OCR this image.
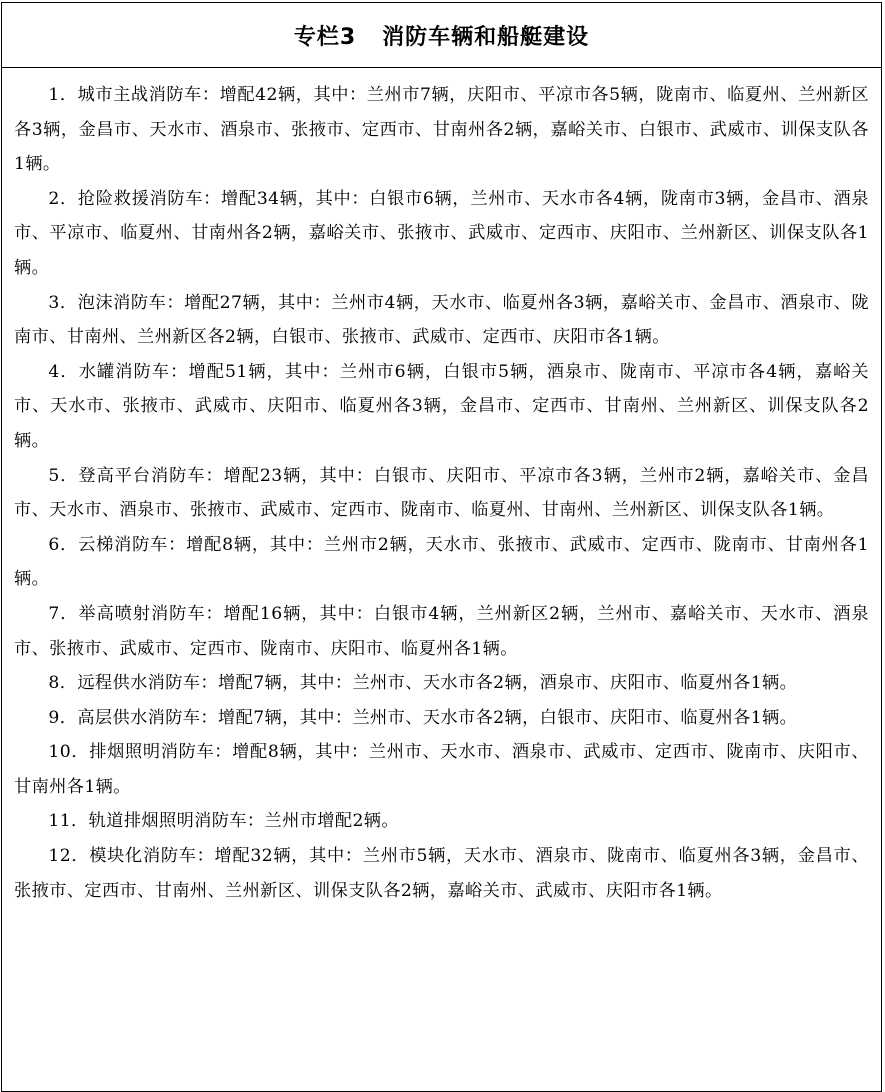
专栏3 消防车辆和船艇建设

1．城市主战消防车：增配42辆，其中：兰州市7辆，庆阳市、平凉市各5辆，陇南市、临夏州、兰州新区各3辆，金昌市、天水市、酒泉市、张掖市、定西市、甘南州各2辆，嘉峪关市、白银市、武威市、训保支队各1辆。

2．抢险救援消防车：增配34辆，其中：白银市6辆，兰州市、天水市各4辆，陇南市3辆，金昌市、酒泉市、平凉市、临夏州、甘南州各2辆，嘉峪关市、张掖市、武威市、定西市、庆阳市、兰州新区、训保支队各1辆。

3．泡沫消防车：增配27辆，其中：兰州市4辆，天水市、临夏州各3辆，嘉峪关市、金昌市、酒泉市、陇南市、甘南州、兰州新区各2辆，白银市、张掖市、武威市、定西市、庆阳市各1辆。

4．水罐消防车：增配51辆，其中：兰州市6辆，白银市5辆，酒泉市、陇南市、平凉市各4辆，嘉峪关市、天水市、张掖市、武威市、庆阳市、临夏州各3辆，金昌市、定西市、甘南州、兰州新区、训保支队各2辆。

5．登高平台消防车：增配23辆，其中：白银市、庆阳市、平凉市各3辆，兰州市2辆，嘉峪关市、金昌市、天水市、酒泉市、张掖市、武威市、定西市、陇南市、临夏州、甘南州、兰州新区、训保支队各1辆。

6．云梯消防车：增配8辆，其中：兰州市2辆，天水市、张掖市、武威市、定西市、陇南市、甘南州各1辆。

7．举高喷射消防车：增配16辆，其中：白银市4辆，兰州新区2辆，兰州市、嘉峪关市、天水市、酒泉市、张掖市、武威市、定西市、陇南市、庆阳市、临夏州各1辆。

8．远程供水消防车：增配7辆，其中：兰州市、天水市各2辆，酒泉市、庆阳市、临夏州各1辆。

9．高层供水消防车：增配7辆，其中：兰州市、天水市各2辆，白银市、庆阳市、临夏州各1辆。

10．排烟照明消防车：增配8辆，其中：兰州市、天水市、酒泉市、武威市、定西市、陇南市、庆阳市、甘南州各1辆。

11．轨道排烟照明消防车：兰州市增配2辆。

12．模块化消防车：增配32辆，其中：兰州市5辆，天水市、酒泉市、陇南市、临夏州各3辆，金昌市、张掖市、定西市、甘南州、兰州新区、训保支队各2辆，嘉峪关市、武威市、庆阳市各1辆。
